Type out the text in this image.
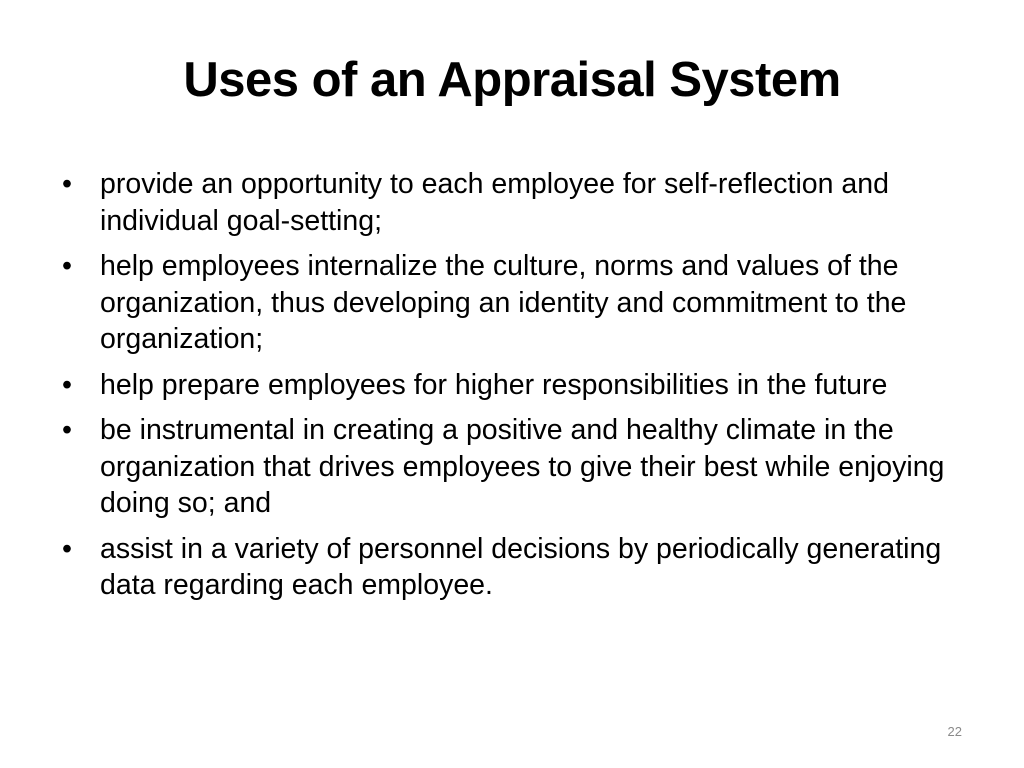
Uses of an Appraisal System
• provide an opportunity to each employee for self-reflection and individual goal-setting;
• help employees internalize the culture, norms and values of the organization, thus developing an identity and commitment to the organization;
• help prepare employees for higher responsibilities in the future
• be instrumental in creating a positive and healthy climate in the organization that drives employees to give their best while enjoying doing so; and
• assist in a variety of personnel decisions by periodically generating data regarding each employee.
22
